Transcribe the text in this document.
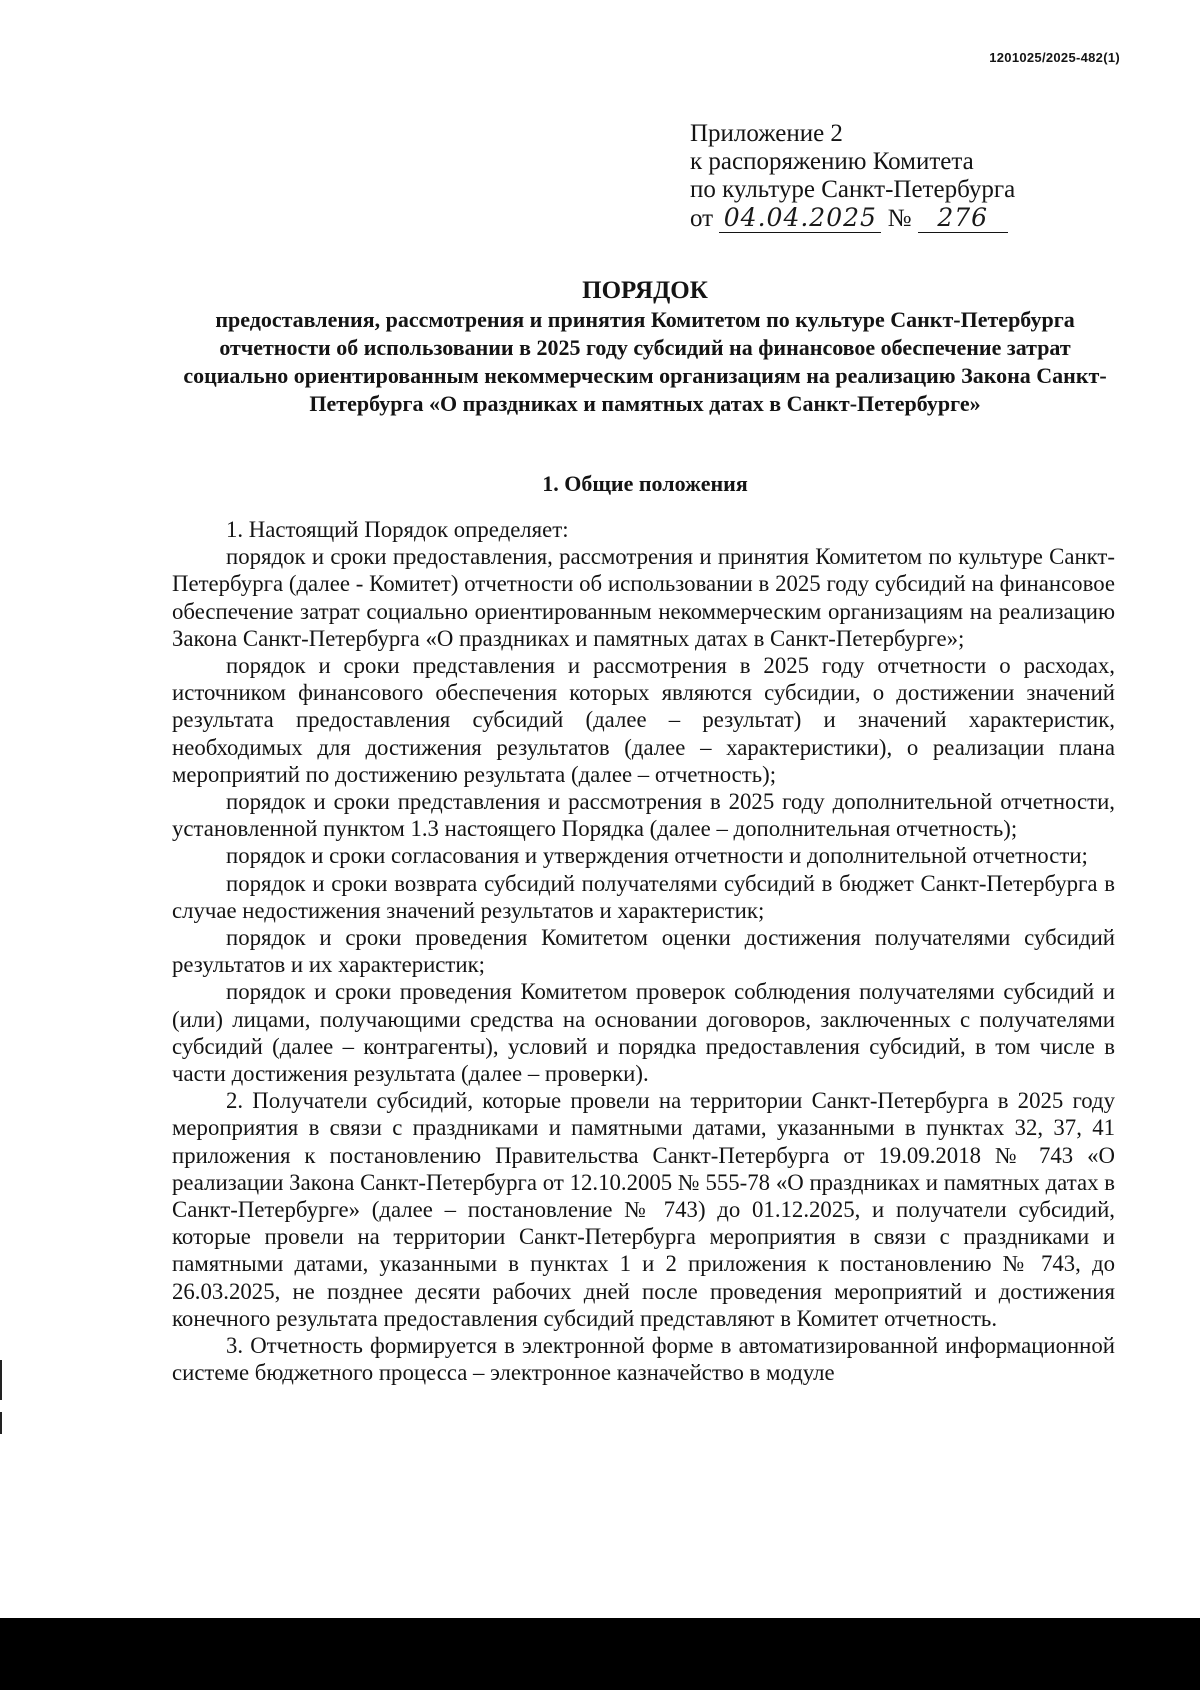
1201025/2025-482(1)
Приложение 2
к распоряжению Комитета
по культуре Санкт-Петербурга
от 04.04.2025 № 276

ПОРЯДОК

предоставления, рассмотрения и принятия Комитетом по культуре Санкт-Петербурга отчетности об использовании в 2025 году субсидий на финансовое обеспечение затрат социально ориентированным некоммерческим организациям на реализацию Закона Санкт-Петербурга «О праздниках и памятных датах в Санкт-Петербурге»

1. Общие положения

1. Настоящий Порядок определяет:

порядок и сроки предоставления, рассмотрения и принятия Комитетом по культуре Санкт-Петербурга (далее - Комитет) отчетности об использовании в 2025 году субсидий на финансовое обеспечение затрат социально ориентированным некоммерческим организациям на реализацию Закона Санкт-Петербурга «О праздниках и памятных датах в Санкт-Петербурге»;

порядок и сроки представления и рассмотрения в 2025 году отчетности о расходах, источником финансового обеспечения которых являются субсидии, о достижении значений результата предоставления субсидий (далее – результат) и значений характеристик, необходимых для достижения результатов (далее – характеристики), о реализации плана мероприятий по достижению результата (далее – отчетность);

порядок и сроки представления и рассмотрения в 2025 году дополнительной отчетности, установленной пунктом 1.3 настоящего Порядка (далее – дополнительная отчетность);

порядок и сроки согласования и утверждения отчетности и дополнительной отчетности;

порядок и сроки возврата субсидий получателями субсидий в бюджет Санкт-Петербурга в случае недостижения значений результатов и характеристик;

порядок и сроки проведения Комитетом оценки достижения получателями субсидий результатов и их характеристик;

порядок и сроки проведения Комитетом проверок соблюдения получателями субсидий и (или) лицами, получающими средства на основании договоров, заключенных с получателями субсидий (далее – контрагенты), условий и порядка предоставления субсидий, в том числе в части достижения результата (далее – проверки).

2. Получатели субсидий, которые провели на территории Санкт-Петербурга в 2025 году мероприятия в связи с праздниками и памятными датами, указанными в пунктах 32, 37, 41 приложения к постановлению Правительства Санкт-Петербурга от 19.09.2018 № 743 «О реализации Закона Санкт-Петербурга от 12.10.2005 № 555-78 «О праздниках и памятных датах в Санкт-Петербурге» (далее – постановление № 743) до 01.12.2025, и получатели субсидий, которые провели на территории Санкт-Петербурга мероприятия в связи с праздниками и памятными датами, указанными в пунктах 1 и 2 приложения к постановлению № 743, до 26.03.2025, не позднее десяти рабочих дней после проведения мероприятий и достижения конечного результата предоставления субсидий представляют в Комитет отчетность.

3. Отчетность формируется в электронной форме в автоматизированной информационной системе бюджетного процесса – электронное казначейство в модуле
